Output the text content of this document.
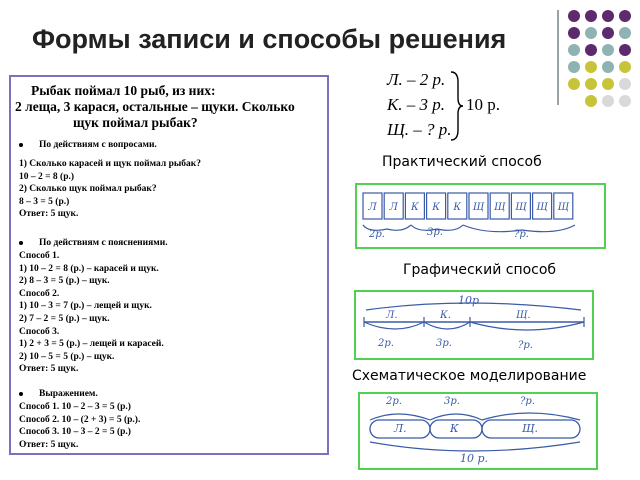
Формы записи и способы решения
Рыбак поймал 10 рыб, из них:
2 леща, 3 карася, остальные – щуки. Сколько
щук поймал рыбак?
По действиям с вопросами.
1) Сколько карасей и щук поймал рыбак?
10 – 2 = 8 (р.)
2) Сколько щук поймал рыбак?
8 – 3 = 5 (р.)
Ответ: 5 щук.
По действиям с пояснениями.
Способ 1.
1) 10 – 2 = 8 (р.) – карасей и щук.
2) 8 – 3 = 5 (р.) – щук.
Способ 2.
1) 10 – 3 = 7 (р.) – лещей и щук.
2) 7 – 2 = 5 (р.) – щук.
Способ 3.
1) 2 + 3 = 5 (р.) – лещей и карасей.
2) 10 – 5 = 5 (р.) – щук.
Ответ: 5 щук.
Выражением.
Способ 1. 10 – 2 – 3 = 5 (р.)
Способ 2. 10 – (2 + 3) = 5 (р.).
Способ 3. 10 – 3 – 2 = 5 (р.)
Ответ: 5 щук.
Л. – 2 р.
К. – 3 р.
Щ. – ? р.
10 р.
Практический способ
Л Л К К К Щ Щ Щ Щ Щ
2р.	3р.	?р.
Графический способ
10р
Л.	К.	Щ.
2р.	3р.	?р.
Схематическое моделирование
2р.	3р.	?р.
Л.	К	Щ.
10 р.
